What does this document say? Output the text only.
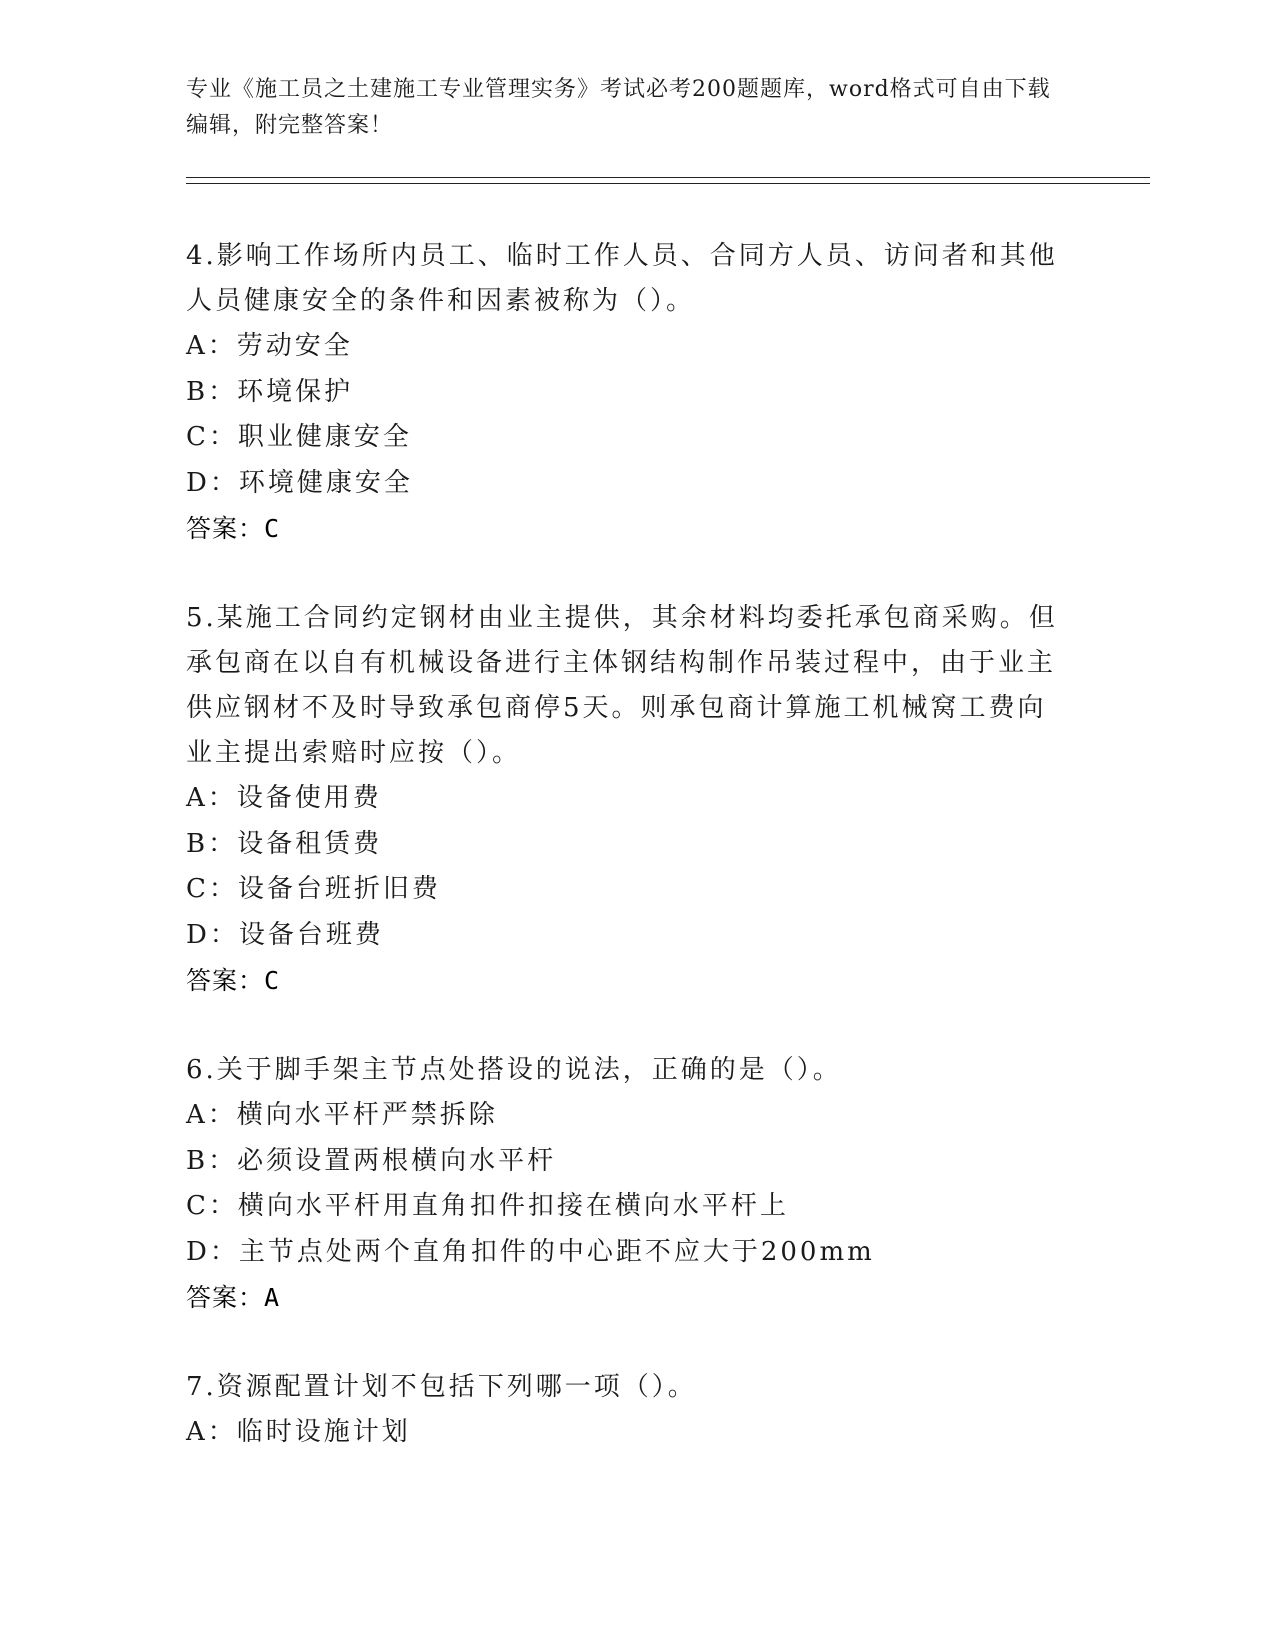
专业《施工员之土建施工专业管理实务》考试必考200题题库，word格式可自由下载编辑，附完整答案！
4.影响工作场所内员工、临时工作人员、合同方人员、访问者和其他人员健康安全的条件和因素被称为（）。
A：劳动安全
B：环境保护
C：职业健康安全
D：环境健康安全
答案：C
5.某施工合同约定钢材由业主提供，其余材料均委托承包商采购。但承包商在以自有机械设备进行主体钢结构制作吊装过程中，由于业主供应钢材不及时导致承包商停5天。则承包商计算施工机械窝工费向业主提出索赔时应按（）。
A：设备使用费
B：设备租赁费
C：设备台班折旧费
D：设备台班费
答案：C
6.关于脚手架主节点处搭设的说法，正确的是（）。
A：横向水平杆严禁拆除
B：必须设置两根横向水平杆
C：横向水平杆用直角扣件扣接在横向水平杆上
D：主节点处两个直角扣件的中心距不应大于200mm
答案：A
7.资源配置计划不包括下列哪一项（）。
A：临时设施计划
